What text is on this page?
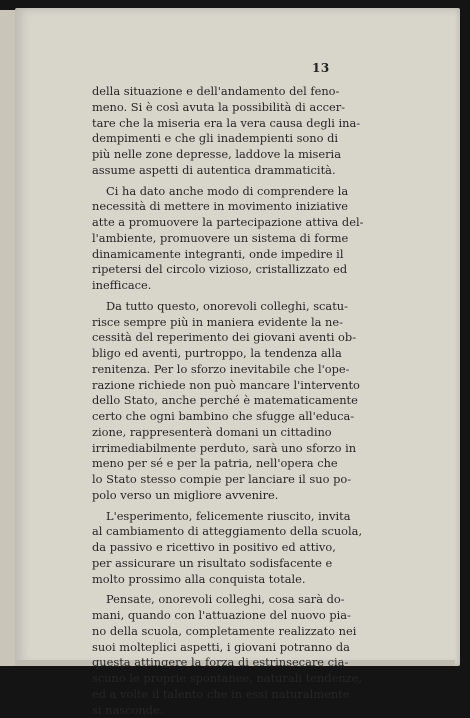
13
della situazione e dell'andamento del feno-
meno. Si è così avuta la possibilità di accer-
tare che la miseria era la vera causa degli ina-
dempimenti e che gli inadempienti sono di
più nelle zone depresse, laddove la miseria
assume aspetti di autentica drammaticità.
Ci ha dato anche modo di comprendere la
necessità di mettere in movimento iniziative
atte a promuovere la partecipazione attiva del-
l'ambiente, promuovere un sistema di forme
dinamicamente integranti, onde impedire il
ripetersi del circolo vizioso, cristallizzato ed
inefficace.
Da tutto questo, onorevoli colleghi, scatu-
risce sempre più in maniera evidente la ne-
cessità del reperimento dei giovani aventi ob-
bligo ed aventi, purtroppo, la tendenza alla
renitenza. Per lo sforzo inevitabile che l'ope-
razione richiede non può mancare l'intervento
dello Stato, anche perché è matematicamente
certo che ogni bambino che sfugge all'educa-
zione, rappresenterà domani un cittadino
irrimediabilmente perduto, sarà uno sforzo in
meno per sé e per la patria, nell'opera che
lo Stato stesso compie per lanciare il suo po-
polo verso un migliore avvenire.
L'esperimento, felicemente riuscito, invita
al cambiamento di atteggiamento della scuola,
da passivo e ricettivo in positivo ed attivo,
per assicurare un risultato sodisfacente e
molto prossimo alla conquista totale.
Pensate, onorevoli colleghi, cosa sarà do-
mani, quando con l'attuazione del nuovo pia-
no della scuola, completamente realizzato nei
suoi molteplici aspetti, i giovani potranno da
questa attingere la forza di estrinsecare cia-
scuno le proprie spontanee, naturali tendenze,
ed a volte il talento che in essi naturalmente
si nasconde.
